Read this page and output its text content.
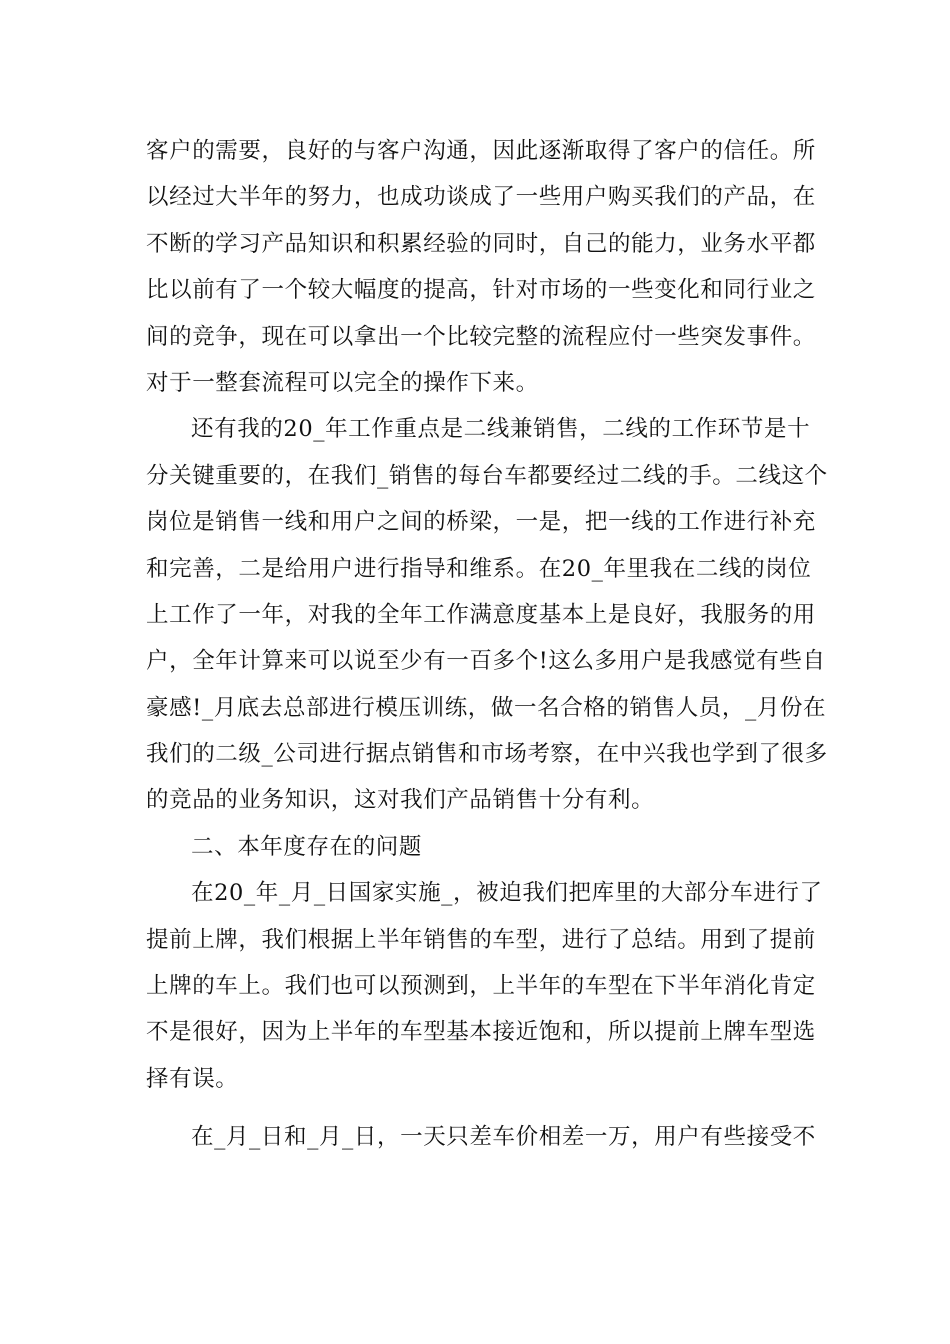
客户的需要，良好的与客户沟通，因此逐渐取得了客户的信任。所
以经过大半年的努力，也成功谈成了一些用户购买我们的产品，在
不断的学习产品知识和积累经验的同时，自己的能力，业务水平都
比以前有了一个较大幅度的提高，针对市场的一些变化和同行业之
间的竞争，现在可以拿出一个比较完整的流程应付一些突发事件。
对于一整套流程可以完全的操作下来。
还有我的20_年工作重点是二线兼销售，二线的工作环节是十
分关键重要的，在我们_销售的每台车都要经过二线的手。二线这个
岗位是销售一线和用户之间的桥梁，一是，把一线的工作进行补充
和完善，二是给用户进行指导和维系。在20_年里我在二线的岗位
上工作了一年，对我的全年工作满意度基本上是良好，我服务的用
户，全年计算来可以说至少有一百多个!这么多用户是我感觉有些自
豪感!_月底去总部进行模压训练，做一名合格的销售人员，_月份在
我们的二级_公司进行据点销售和市场考察，在中兴我也学到了很多
的竞品的业务知识，这对我们产品销售十分有利。
二、本年度存在的问题
在20_年_月_日国家实施_，被迫我们把库里的大部分车进行了
提前上牌，我们根据上半年销售的车型，进行了总结。用到了提前
上牌的车上。我们也可以预测到，上半年的车型在下半年消化肯定
不是很好，因为上半年的车型基本接近饱和，所以提前上牌车型选
择有误。
在_月_日和_月_日，一天只差车价相差一万，用户有些接受不
